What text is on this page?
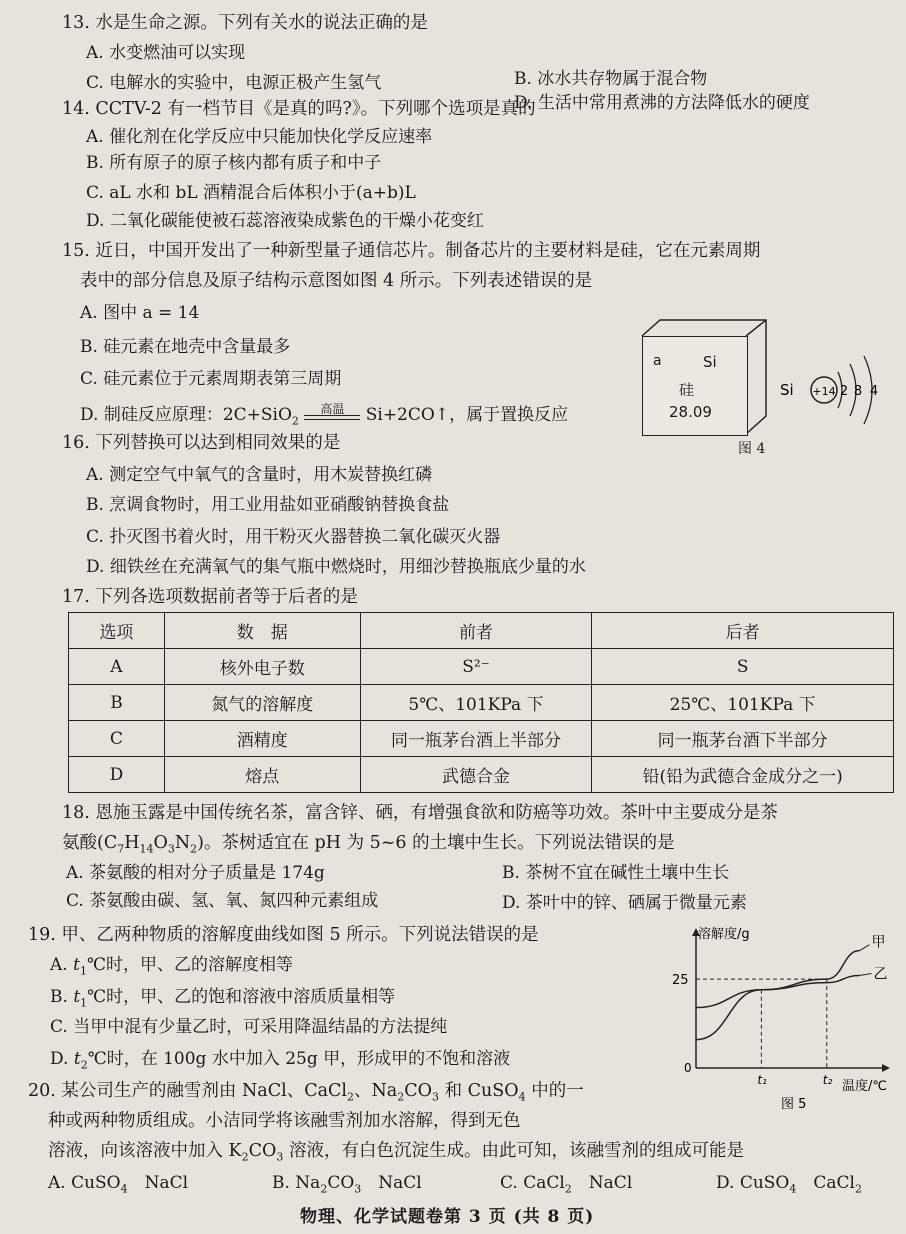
13. 水是生命之源。下列有关水的说法正确的是
A. 水变燃油可以实现
C. 电解水的实验中，电源正极产生氢气	B. 冰水共存物属于混合物
D. 生活中常用煮沸的方法降低水的硬度
14. CCTV-2 有一档节目《是真的吗?》。下列哪个选项是真的
A. 催化剂在化学反应中只能加快化学反应速率
B. 所有原子的原子核内都有质子和中子
C. aL 水和 bL 酒精混合后体积小于(a+b)L
D. 二氧化碳能使被石蕊溶液染成紫色的干燥小花变红
15. 近日，中国开发出了一种新型量子通信芯片。制备芯片的主要材料是硅，它在元素周期
表中的部分信息及原子结构示意图如图 4 所示。下列表述错误的是
A. 图中 a = 14
B. 硅元素在地壳中含量最多
C. 硅元素位于元素周期表第三周期
D. 制硅反应原理：2C+SiO$_2$
高温	Si+2CO↑，属于置换反应
a	Si
硅
28.09
图 4
Si +14 2 8 4
16. 下列替换可以达到相同效果的是
A. 测定空气中氧气的含量时，用木炭替换红磷
B. 烹调食物时，用工业用盐如亚硝酸钠替换食盐
C. 扑灭图书着火时，用干粉灭火器替换二氧化碳灭火器
D. 细铁丝在充满氧气的集气瓶中燃烧时，用细沙替换瓶底少量的水
17. 下列各选项数据前者等于后者的是
选项	数　据	前者	后者
A	核外电子数	S²⁻	S
B	氮气的溶解度	5℃、101KPa 下	25℃、101KPa 下
C	酒精度	同一瓶茅台酒上半部分	同一瓶茅台酒下半部分
D	熔点	武德合金	铅(铅为武德合金成分之一)
18. 恩施玉露是中国传统名茶，富含锌、硒，有增强食欲和防癌等功效。茶叶中主要成分是茶
氨酸$(C_7H_{14}O_3N_2)$。茶树适宜在 pH 为 5~6 的土壤中生长。下列说法错误的是
A. 茶氨酸的相对分子质量是 174g	B. 茶树不宜在碱性土壤中生长
C. 茶氨酸由碳、氢、氧、氮四种元素组成	D. 茶叶中的锌、硒属于微量元素
19. 甲、乙两种物质的溶解度曲线如图 5 所示。下列说法错误的是
A. $t_1℃$时，甲、乙的溶解度相等
B. $t_1℃$时，甲、乙的饱和溶液中溶质质量相等
C. 当甲中混有少量乙时，可采用降温结晶的方法提纯
D. $t_2℃$时，在 100g 水中加入 25g 甲，形成甲的不饱和溶液
溶解度/g
温度/℃
0
25
t₁	t₂
甲
乙
图 5
20. 某公司生产的融雪剂由 NaCl、CaCl$_2$、$Na_2CO_3$ 和 CuSO$_4$ 中的一
种或两种物质组成。小洁同学将该融雪剂加水溶解，得到无色
溶液，向该溶液中加入 $K_2CO_3$ 溶液，有白色沉淀生成。由此可知，该融雪剂的组成可能是
A. CuSO$_4$　NaCl	B. $Na_2CO_3$　NaCl	C. CaCl$_2$　NaCl	D. CuSO$_4$　CaCl$_2$
物理、化学试题卷第 3 页 (共 8 页)
